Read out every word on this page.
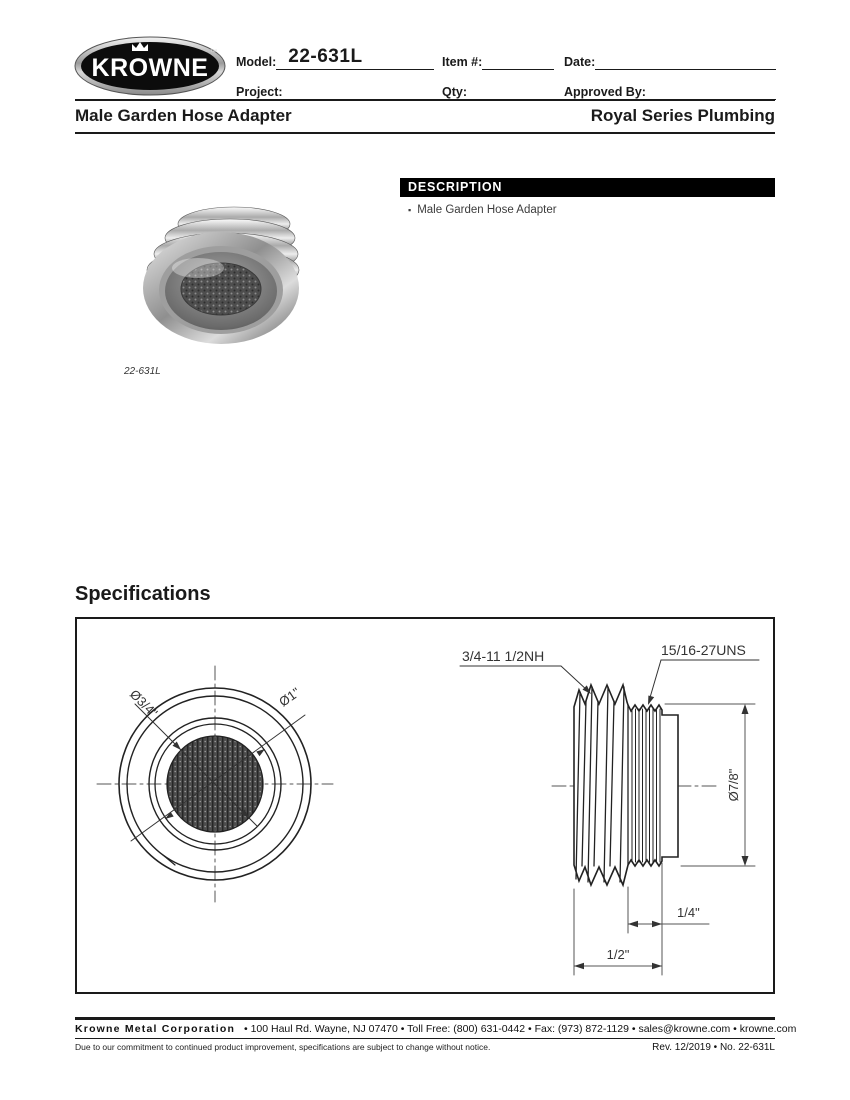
KROWNE
™
Model: 22-631L	Item #:	Date:
Project:	Qty:	Approved By:
Male Garden Hose Adapter	Royal Series Plumbing
DESCRIPTION
▪ Male Garden Hose Adapter
22-631L
Specifications
Ø3/4"	Ø1"
3/4-11 1/2NH	15/16-27UNS
Ø7/8"
1/4"
1/2"
Krowne Metal Corporation • 100 Haul Rd. Wayne, NJ 07470 • Toll Free: (800) 631-0442 • Fax: (973) 872-1129 • sales@krowne.com • krowne.com
Due to our commitment to continued product improvement, specifications are subject to change without notice.	Rev. 12/2019 • No. 22-631L
